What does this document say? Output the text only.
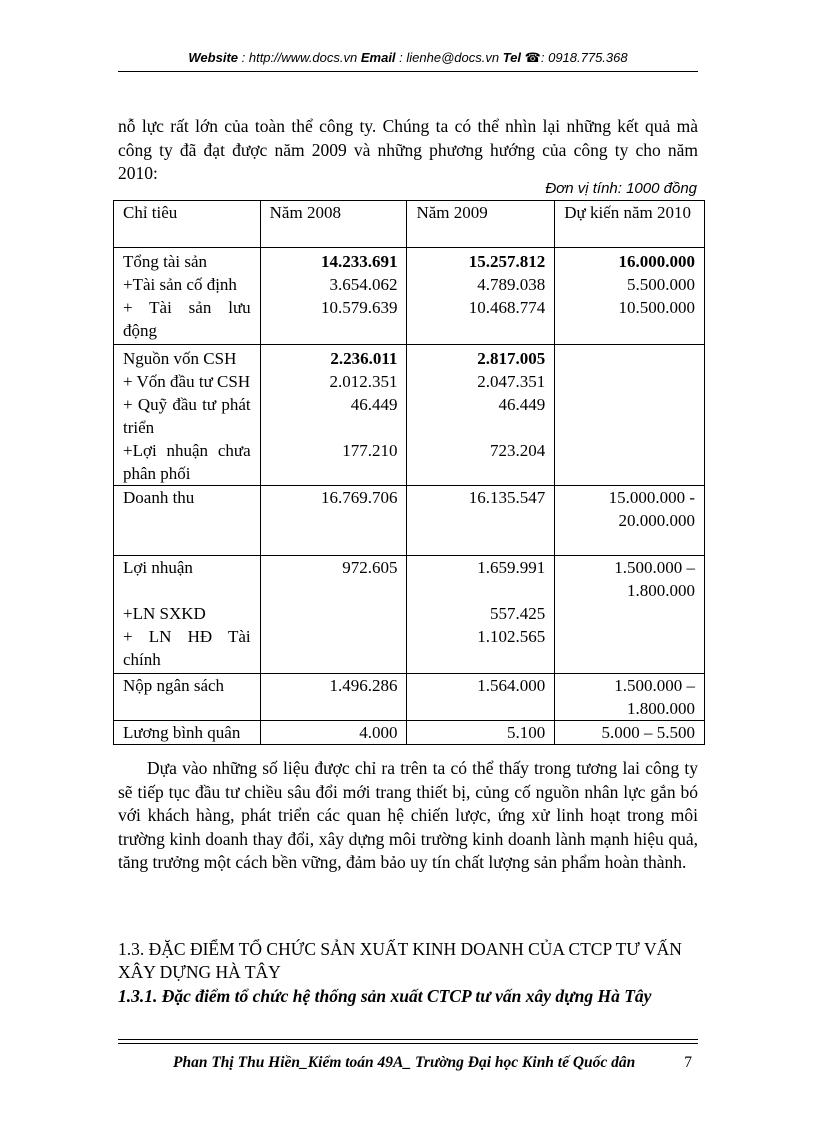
Website : http://www.docs.vn Email : lienhe@docs.vn Tel ☎: 0918.775.368
nỗ lực rất lớn của toàn thể công ty. Chúng ta có thể nhìn lại những kết quả mà công ty đã đạt được năm 2009 và những phương hướng của công ty cho năm 2010:
Đơn vị tính: 1000 đồng
Chỉ tiêu	Năm 2008	Năm 2009	Dự kiến năm 2010
Tổng tài sản	14.233.691	15.257.812	16.000.000
+Tài sản cố định	3.654.062	4.789.038	5.500.000
+ Tài sản lưu động	10.579.639	10.468.774	10.500.000
Nguồn vốn CSH	2.236.011	2.817.005	
+ Vốn đầu tư CSH	2.012.351	2.047.351	
+ Quỹ đầu tư phát triển	46.449	46.449	
+Lợi nhuận chưa phân phối	177.210	723.204	
Doanh thu	16.769.706	16.135.547	15.000.000 -
20.000.000

Lợi nhuận	972.605	1.659.991	1.500.000 –
1.800.000

+LN SXKD		557.425	
+ LN HĐ Tài chính		1.102.565	
Nộp ngân sách	1.496.286	1.564.000	1.500.000 –
1.800.000

Lương bình quân	4.000	5.100	5.000 – 5.500
Dựa vào những số liệu được chỉ ra trên ta có thể thấy trong tương lai công ty sẽ tiếp tục đầu tư chiều sâu đổi mới trang thiết bị, củng cố nguồn nhân lực gắn bó với khách hàng, phát triển các quan hệ chiến lược, ứng xử linh hoạt trong môi trường kinh doanh thay đổi, xây dựng môi trường kinh doanh lành mạnh hiệu quả, tăng trưởng một cách bền vững, đảm bảo uy tín chất lượng sản phẩm hoàn thành.
1.3. ĐẶC ĐIỂM TỔ CHỨC SẢN XUẤT KINH DOANH CỦA CTCP TƯ VẤN XÂY DỰNG HÀ TÂY
1.3.1. Đặc điểm tổ chức hệ thống sản xuất CTCP tư vấn xây dựng Hà Tây
Phan Thị Thu Hiền_Kiểm toán 49A_ Trường Đại học Kinh tế Quốc dân	7
